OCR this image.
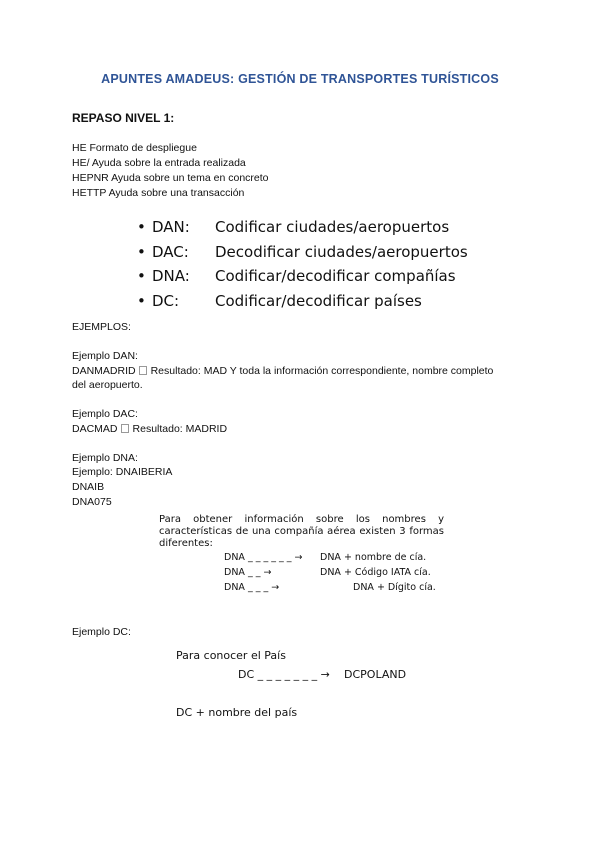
APUNTES AMADEUS: GESTIÓN DE TRANSPORTES TURÍSTICOS
REPASO NIVEL 1:
HE Formato de despliegue
HE/ Ayuda sobre la entrada realizada
HEPNR Ayuda sobre un tema en concreto
HETTP Ayuda sobre una transacción
• DAN: Codificar ciudades/aeropuertos
• DAC: Decodificar ciudades/aeropuertos
• DNA: Codificar/decodificar compañías
• DC: Codificar/decodificar países
EJEMPLOS:
Ejemplo DAN:
DANMADRID Resultado: MAD Y toda la información correspondiente, nombre completo
del aeropuerto.
Ejemplo DAC:
DACMAD Resultado: MADRID
Ejemplo DNA:
Ejemplo: DNAIBERIA
DNAIB
DNA075
Para obtener información sobre los nombres y características de una compañía aérea existen 3 formas diferentes:
DNA _ _ _ _ _ _ → DNA + nombre de cía.
DNA _ _ →	DNA + Código IATA cía.
DNA _ _ _ →	DNA + Dígito cía.
Ejemplo DC:
Para conocer el País
DC _ _ _ _ _ _ _ → DCPOLAND
DC + nombre del país
